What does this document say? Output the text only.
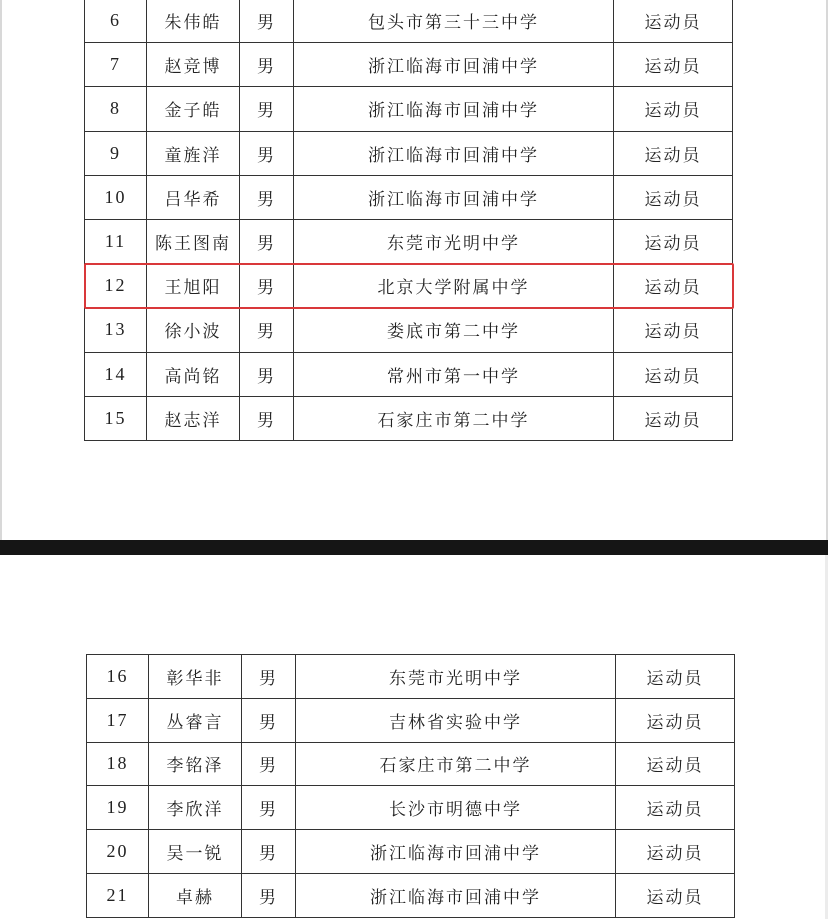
6	朱伟皓	男	包头市第三十三中学	运动员
7	赵竞博	男	浙江临海市回浦中学	运动员
8	金子皓	男	浙江临海市回浦中学	运动员
9	童旌洋	男	浙江临海市回浦中学	运动员
10	吕华希	男	浙江临海市回浦中学	运动员
11	陈王图南	男	东莞市光明中学	运动员
12	王旭阳	男	北京大学附属中学	运动员
13	徐小波	男	娄底市第二中学	运动员
14	高尚铭	男	常州市第一中学	运动员
15	赵志洋	男	石家庄市第二中学	运动员
16	彰华非	男	东莞市光明中学	运动员
17	丛睿言	男	吉林省实验中学	运动员
18	李铭泽	男	石家庄市第二中学	运动员
19	李欣洋	男	长沙市明德中学	运动员
20	吴一锐	男	浙江临海市回浦中学	运动员
21	卓赫	男	浙江临海市回浦中学	运动员
